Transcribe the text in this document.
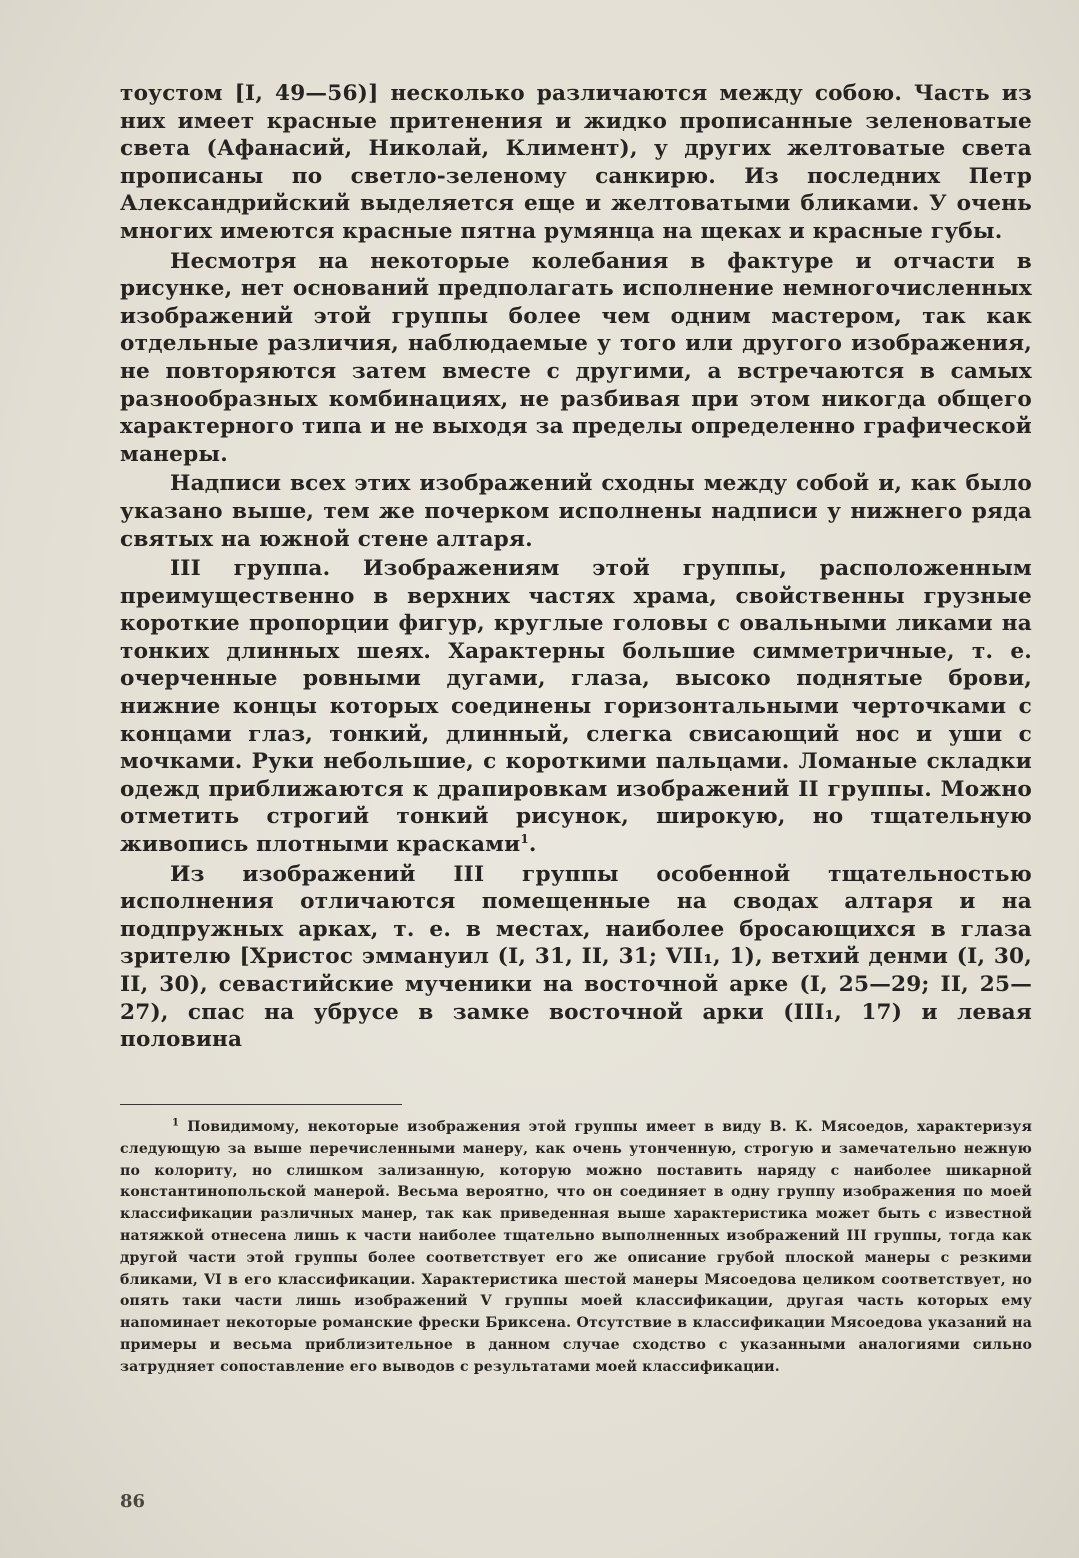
тоустом [I, 49—56)] несколько различаются между собою. Часть из них имеет красные притенения и жидко прописанные зеленоватые света (Афанасий, Николай, Климент), у других желтоватые света прописаны по светло-зеленому санкирю. Из последних Петр Александрийский выделяется еще и желтоватыми бликами. У очень многих имеются красные пятна румянца на щеках и красные губы.

Несмотря на некоторые колебания в фактуре и отчасти в рисунке, нет оснований предполагать исполнение немногочисленных изображений этой группы более чем одним мастером, так как отдельные различия, наблюдаемые у того или другого изображения, не повторяются затем вместе с другими, а встречаются в самых разнообразных комбинациях, не разбивая при этом никогда общего характерного типа и не выходя за пределы определенно графической манеры.

Надписи всех этих изображений сходны между собой и, как было указано выше, тем же почерком исполнены надписи у нижнего ряда святых на южной стене алтаря.

III группа. Изображениям этой группы, расположенным преимущественно в верхних частях храма, свойственны грузные короткие пропорции фигур, круглые головы с овальными ликами на тонких длинных шеях. Характерны большие симметричные, т. е. очерченные ровными дугами, глаза, высоко поднятые брови, нижние концы которых соединены горизонтальными черточками с концами глаз, тонкий, длинный, слегка свисающий нос и уши с мочками. Руки небольшие, с короткими пальцами. Ломаные складки одежд приближаются к драпировкам изображений II группы. Можно отметить строгий тонкий рисунок, широкую, но тщательную живопись плотными красками$^1$.

Из изображений III группы особенной тщательностью исполнения отличаются помещенные на сводах алтаря и на подпружных арках, т. е. в местах, наиболее бросающихся в глаза зрителю [Христос эммануил (I, 31, II, 31; VII₁, 1), ветхий денми (I, 30, II, 30), севастийские мученики на восточной арке (I, 25—29; II, 25—27), спас на убрусе в замке восточной арки (III₁, 17) и левая половина

$^1$ Повидимому, некоторые изображения этой группы имеет в виду В. К. Мясоедов, характеризуя следующую за выше перечисленными манеру, как очень утонченную, строгую и замечательно нежную по колориту, но слишком зализанную, которую можно поставить наряду с наиболее шикарной константинопольской манерой. Весьма вероятно, что он соединяет в одну группу изображения по моей классификации различных манер, так как приведенная выше характеристика может быть с известной натяжкой отнесена лишь к части наиболее тщательно выполненных изображений III группы, тогда как другой части этой группы более соответствует его же описание грубой плоской манеры с резкими бликами, VI в его классификации. Характеристика шестой манеры Мясоедова целиком соответствует, но опять таки части лишь изображений V группы моей классификации, другая часть которых ему напоминает некоторые романские фрески Бриксена. Отсутствие в классификации Мясоедова указаний на примеры и весьма приблизительное в данном случае сходство с указанными аналогиями сильно затрудняет сопоставление его выводов с результатами моей классификации.
86
